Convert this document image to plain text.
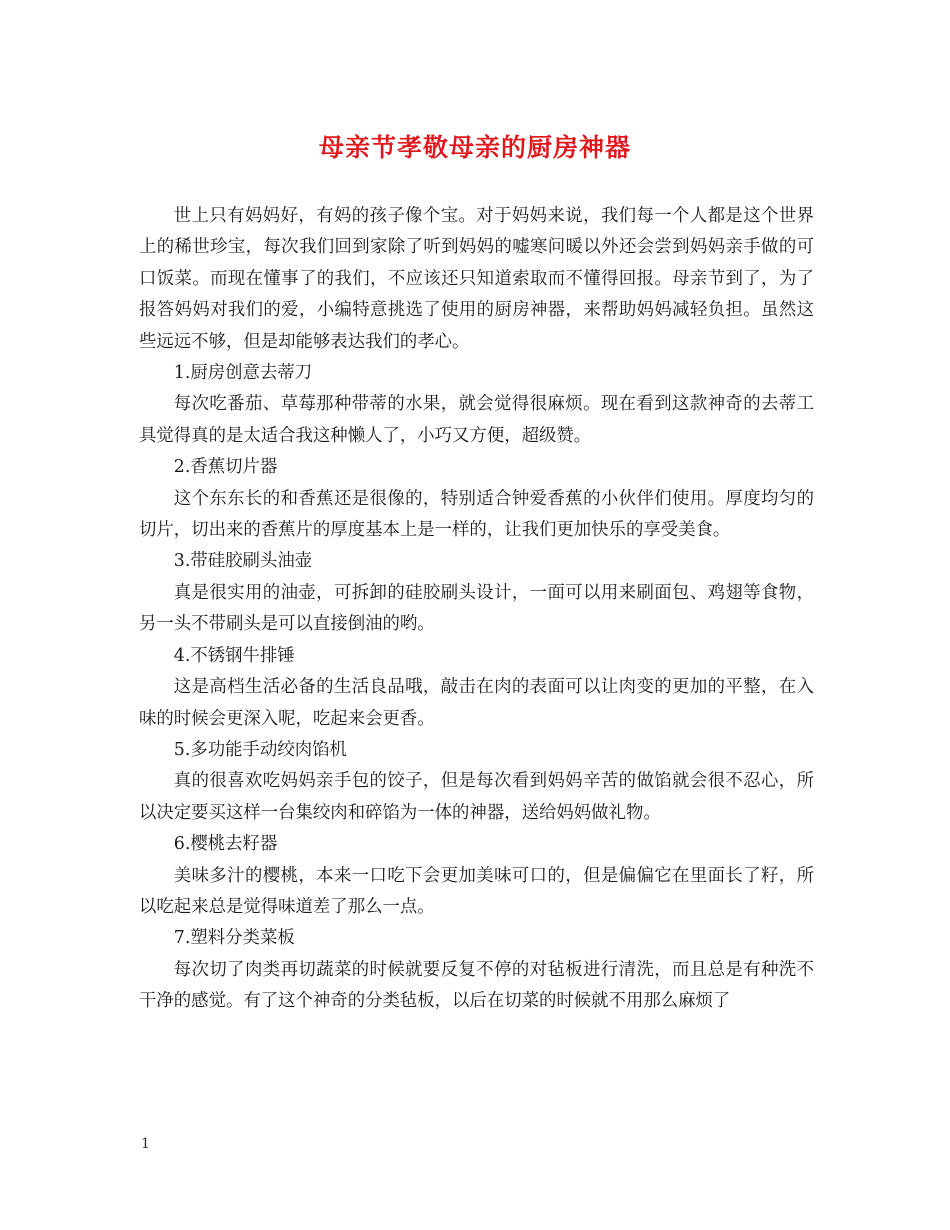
母亲节孝敬母亲的厨房神器

世上只有妈妈好，有妈的孩子像个宝。对于妈妈来说，我们每一个人都是这个世界上的稀世珍宝，每次我们回到家除了听到妈妈的嘘寒问暖以外还会尝到妈妈亲手做的可口饭菜。而现在懂事了的我们，不应该还只知道索取而不懂得回报。母亲节到了，为了报答妈妈对我们的爱，小编特意挑选了使用的厨房神器，来帮助妈妈减轻负担。虽然这些远远不够，但是却能够表达我们的孝心。

1.厨房创意去蒂刀

每次吃番茄、草莓那种带蒂的水果，就会觉得很麻烦。现在看到这款神奇的去蒂工具觉得真的是太适合我这种懒人了，小巧又方便，超级赞。

2.香蕉切片器

这个东东长的和香蕉还是很像的，特别适合钟爱香蕉的小伙伴们使用。厚度均匀的切片，切出来的香蕉片的厚度基本上是一样的，让我们更加快乐的享受美食。

3.带硅胶刷头油壶

真是很实用的油壶，可拆卸的硅胶刷头设计，一面可以用来刷面包、鸡翅等食物，另一头不带刷头是可以直接倒油的哟。

4.不锈钢牛排锤

这是高档生活必备的生活良品哦，敲击在肉的表面可以让肉变的更加的平整，在入味的时候会更深入呢，吃起来会更香。

5.多功能手动绞肉馅机

真的很喜欢吃妈妈亲手包的饺子，但是每次看到妈妈辛苦的做馅就会很不忍心，所以决定要买这样一台集绞肉和碎馅为一体的神器，送给妈妈做礼物。

6.樱桃去籽器

美味多汁的樱桃，本来一口吃下会更加美味可口的，但是偏偏它在里面长了籽，所以吃起来总是觉得味道差了那么一点。

7.塑料分类菜板

每次切了肉类再切蔬菜的时候就要反复不停的对毡板进行清洗，而且总是有种洗不干净的感觉。有了这个神奇的分类毡板，以后在切菜的时候就不用那么麻烦了

1
